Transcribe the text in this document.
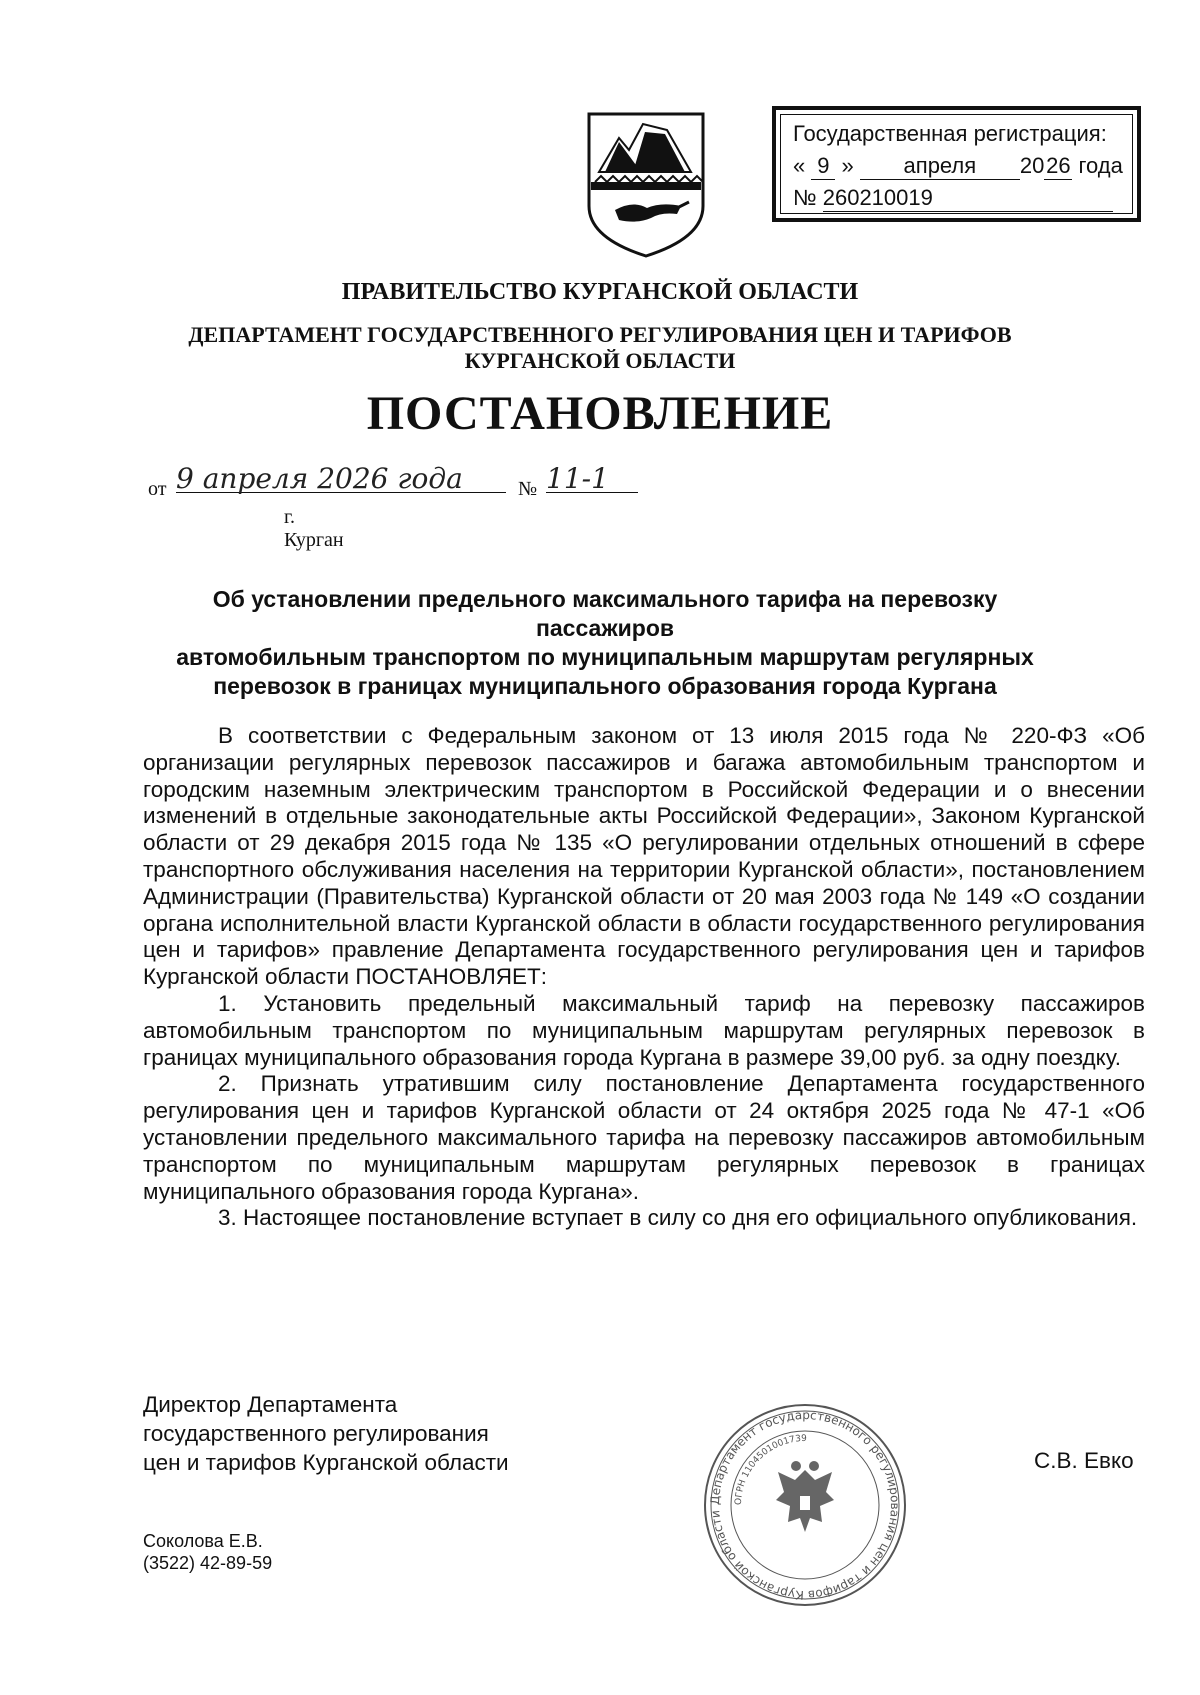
Государственная регистрация:
« 9 » апреля 2026 года
№ 260210019
ПРАВИТЕЛЬСТВО КУРГАНСКОЙ ОБЛАСТИ
ДЕПАРТАМЕНТ ГОСУДАРСТВЕННОГО РЕГУЛИРОВАНИЯ ЦЕН И ТАРИФОВ
КУРГАНСКОЙ ОБЛАСТИ
ПОСТАНОВЛЕНИЕ
от 9 апреля 2026 года	№ 11-1
г. Курган
Об установлении предельного максимального тарифа на перевозку пассажиров
автомобильным транспортом по муниципальным маршрутам регулярных
перевозок в границах муниципального образования города Кургана

В соответствии с Федеральным законом от 13 июля 2015 года № 220-ФЗ «Об организации регулярных перевозок пассажиров и багажа автомобильным транспортом и городским наземным электрическим транспортом в Российской Федерации и о внесении изменений в отдельные законодательные акты Российской Федерации», Законом Курганской области от 29 декабря 2015 года № 135 «О регулировании отдельных отношений в сфере транспортного обслуживания населения на территории Курганской области», постановлением Администрации (Правительства) Курганской области от 20 мая 2003 года № 149 «О создании органа исполнительной власти Курганской области в области государственного регулирования цен и тарифов» правление Департамента государственного регулирования цен и тарифов Курганской области ПОСТАНОВЛЯЕТ:

1. Установить предельный максимальный тариф на перевозку пассажиров автомобильным транспортом по муниципальным маршрутам регулярных перевозок в границах муниципального образования города Кургана в размере 39,00 руб. за одну поездку.

2. Признать утратившим силу постановление Департамента государственного регулирования цен и тарифов Курганской области от 24 октября 2025 года № 47-1 «Об установлении предельного максимального тарифа на перевозку пассажиров автомобильным транспортом по муниципальным маршрутам регулярных перевозок в границах муниципального образования города Кургана».

3. Настоящее постановление вступает в силу со дня его официального опубликования.

Директор Департамента
государственного регулирования
цен и тарифов Курганской области
Департамент государственного регулирования цен и тарифов Курганской области
ОГРН 1104501001739
С.В. Евко
Соколова Е.В.
(3522) 42-89-59
